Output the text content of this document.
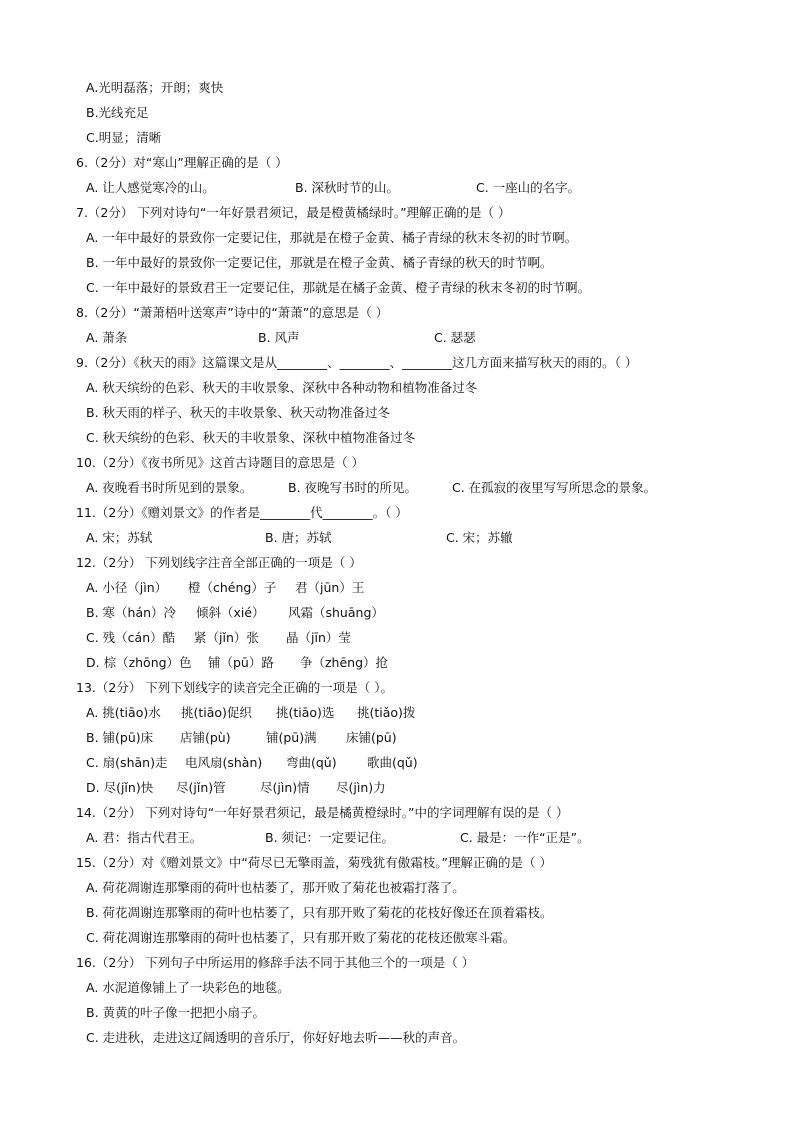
A.光明磊落；开朗；爽快
B.光线充足
C.明显；清晰
6.（2分）对“寒山”理解正确的是（ ）
A. 让人感觉寒冷的山。	B. 深秋时节的山。	C. 一座山的名字。
7.（2分） 下列对诗句“一年好景君须记，最是橙黄橘绿时。”理解正确的是（ ）
A. 一年中最好的景致你一定要记住，那就是在橙子金黄、橘子青绿的秋末冬初的时节啊。
B. 一年中最好的景致你一定要记住，那就是在橙子金黄、橘子青绿的秋天的时节啊。
C. 一年中最好的景致君王一定要记住，那就是在橘子金黄、橙子青绿的秋末冬初的时节啊。
8.（2分）“萧萧梧叶送寒声”诗中的“萧萧”的意思是（ ）
A. 萧条	B. 风声	C. 瑟瑟
9.（2分）《秋天的雨》这篇课文是从________、________、________这几方面来描写秋天的雨的。（ ）
A. 秋天缤纷的色彩、秋天的丰收景象、深秋中各种动物和植物准备过冬
B. 秋天雨的样子、秋天的丰收景象、秋天动物准备过冬
C. 秋天缤纷的色彩、秋天的丰收景象、深秋中植物准备过冬
10.（2分）《夜书所见》这首古诗题目的意思是（ ）
A. 夜晚看书时所见到的景象。	B. 夜晚写书时的所见。	C. 在孤寂的夜里写写所思念的景象。
11.（2分）《赠刘景文》的作者是________代________。（ ）
A. 宋；苏轼	B. 唐；苏轼	C. 宋；苏辙
12.（2分） 下列划线字注音全部正确的一项是（ ）
A. 小径（jìn） 橙（chéng）子 君（jūn）王
B. 寒（hán）冷 倾斜（xié） 风霜（shuāng）
C. 残（cán）酷 紧（jǐn）张 晶（jīn）莹
D. 棕（zhōng）色 铺（pū）路 争（zhēng）抢
13.（2分） 下列下划线字的读音完全正确的一项是（ ）。
A. 挑(tiāo)水 挑(tiāo)促织 挑(tiāo)选 挑(tiǎo)拨
B. 铺(pū)床 店铺(pù)	铺(pū)满 床铺(pū)
C. 扇(shān)走 电风扇(shàn) 弯曲(qǔ) 歌曲(qǔ)
D. 尽(jǐn)快 尽(jǐn)管	尽(jìn)情 尽(jìn)力
14.（2分） 下列对诗句“一年好景君须记，最是橘黄橙绿时。”中的字词理解有误的是（ ）
A. 君：指古代君王。	B. 须记：一定要记住。	C. 最是：一作“正是”。
15.（2分）对《赠刘景文》中“荷尽已无擎雨盖，菊残犹有傲霜枝。”理解正确的是（ ）
A. 荷花凋谢连那擎雨的荷叶也枯萎了，那开败了菊花也被霜打落了。
B. 荷花凋谢连那擎雨的荷叶也枯萎了，只有那开败了菊花的花枝好像还在顶着霜枝。
C. 荷花凋谢连那擎雨的荷叶也枯萎了，只有那开败了菊花的花枝还傲寒斗霜。
16.（2分） 下列句子中所运用的修辞手法不同于其他三个的一项是（ ）
A. 水泥道像铺上了一块彩色的地毯。
B. 黄黄的叶子像一把把小扇子。
C. 走进秋，走进这辽阔透明的音乐厅，你好好地去听——秋的声音。
